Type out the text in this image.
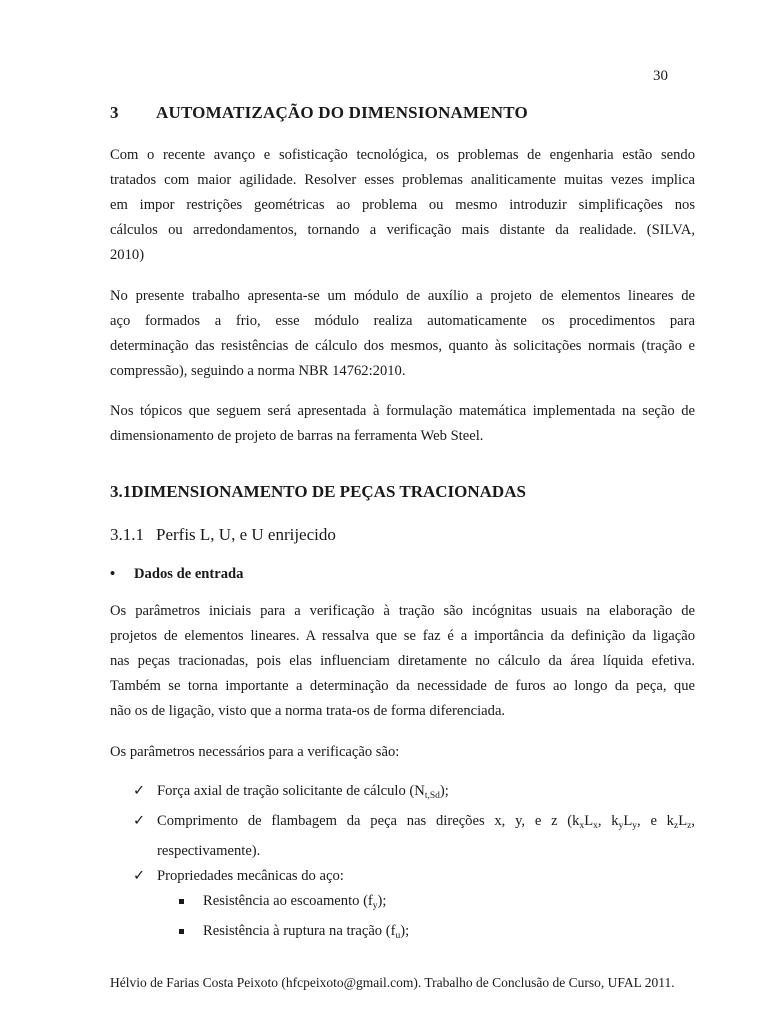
30
3 AUTOMATIZAÇÃO DO DIMENSIONAMENTO
Com o recente avanço e sofisticação tecnológica, os problemas de engenharia estão sendo
tratados com maior agilidade. Resolver esses problemas analiticamente muitas vezes implica
em impor restrições geométricas ao problema ou mesmo introduzir simplificações nos
cálculos ou arredondamentos, tornando a verificação mais distante da realidade. (SILVA,
2010)
No presente trabalho apresenta-se um módulo de auxílio a projeto de elementos lineares de
aço formados a frio, esse módulo realiza automaticamente os procedimentos para
determinação das resistências de cálculo dos mesmos, quanto às solicitações normais (tração e
compressão), seguindo a norma NBR 14762:2010.
Nos tópicos que seguem será apresentada à formulação matemática implementada na seção de
dimensionamento de projeto de barras na ferramenta Web Steel.
3.1DIMENSIONAMENTO DE PEÇAS TRACIONADAS
3.1.1 Perfis L, U, e U enrijecido
• Dados de entrada
Os parâmetros iniciais para a verificação à tração são incógnitas usuais na elaboração de
projetos de elementos lineares. A ressalva que se faz é a importância da definição da ligação
nas peças tracionadas, pois elas influenciam diretamente no cálculo da área líquida efetiva.
Também se torna importante a determinação da necessidade de furos ao longo da peça, que
não os de ligação, visto que a norma trata-os de forma diferenciada.
Os parâmetros necessários para a verificação são:
✓ Força axial de tração solicitante de cálculo $(N_{t,Sd})$;
✓ Comprimento de flambagem da peça nas direções x, y, e z ($k_xL_x$, $k_yL_y$, e $k_zL_z$,
respectivamente).
✓ Propriedades mecânicas do aço:
Resistência ao escoamento $(f_y)$;
Resistência à ruptura na tração $(f_u)$;
Hélvio de Farias Costa Peixoto (hfcpeixoto@gmail.com). Trabalho de Conclusão de Curso, UFAL 2011.
